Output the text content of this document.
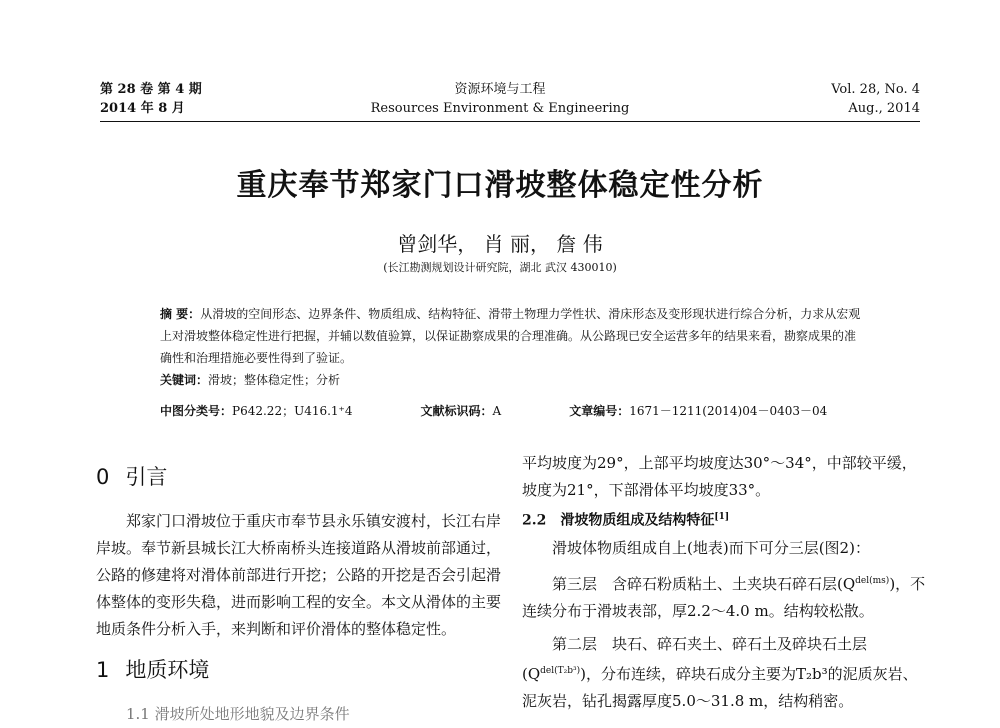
第 28 卷 第 4 期
2014 年 8 月
资源环境与工程
Resources Environment & Engineering
Vol. 28, No. 4
Aug., 2014
重庆奉节郑家门口滑坡整体稳定性分析
曾剑华， 肖 丽， 詹 伟
(长江勘测规划设计研究院，湖北 武汉 430010)
摘 要：从滑坡的空间形态、边界条件、物质组成、结构特征、滑带土物理力学性状、滑床形态及变形现状进行综合分析，力求从宏观上对滑坡整体稳定性进行把握，并辅以数值验算，以保证勘察成果的合理准确。从公路现已安全运营多年的结果来看，勘察成果的准确性和治理措施必要性得到了验证。
关键词：滑坡；整体稳定性；分析
中图分类号：P642.22；U416.1⁺4	文献标识码：A	文章编号：1671－1211(2014)04－0403－04
0 引言

郑家门口滑坡位于重庆市奉节县永乐镇安渡村，长江右岸岸坡。奉节新县城长江大桥南桥头连接道路从滑坡前部通过，公路的修建将对滑体前部进行开挖；公路的开挖是否会引起滑体整体的变形失稳，进而影响工程的安全。本文从滑体的主要地质条件分析入手，来判断和评价滑体的整体稳定性。

1 地质环境

1.1 滑坡所处地形地貌及边界条件

平均坡度为29°，上部平均坡度达30°～34°，中部较平缓，坡度为21°，下部滑体平均坡度33°。

2.2　滑坡物质组成及结构特征[1]

滑坡体物质组成自上(地表)而下可分三层(图2)：

第三层　含碎石粉质粘土、土夹块石碎石层$(Q^{del(ms)})$，不连续分布于滑坡表部，厚2.2～4.0 m。结构较松散。

第二层　块石、碎石夹土、碎石土及碎块石土层$(Q^{del(T_2b^3)})$，分布连续，碎块石成分主要为T₂b³的泥质灰岩、泥灰岩，钻孔揭露厚度5.0～31.8 m，结构稍密。
